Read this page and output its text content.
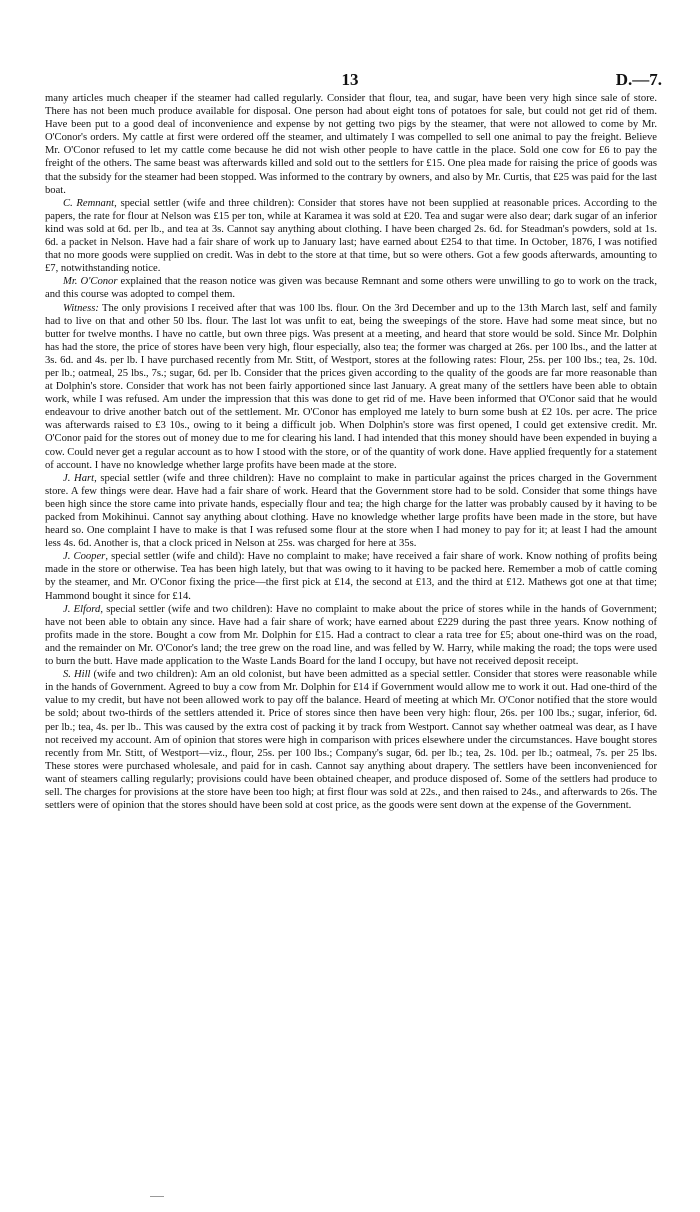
13	D.—7.

many articles much cheaper if the steamer had called regularly. Consider that flour, tea, and sugar, have been very high since sale of store. There has not been much produce available for disposal. One person had about eight tons of potatoes for sale, but could not get rid of them. Have been put to a good deal of inconvenience and expense by not getting two pigs by the steamer, that were not allowed to come by Mr. O'Conor's orders. My cattle at first were ordered off the steamer, and ultimately I was compelled to sell one animal to pay the freight. Believe Mr. O'Conor refused to let my cattle come because he did not wish other people to have cattle in the place. Sold one cow for £6 to pay the freight of the others. The same beast was afterwards killed and sold out to the settlers for £15. One plea made for raising the price of goods was that the subsidy for the steamer had been stopped. Was informed to the contrary by owners, and also by Mr. Curtis, that £25 was paid for the last boat.

C. Remnant, special settler (wife and three children): Consider that stores have not been supplied at reasonable prices. According to the papers, the rate for flour at Nelson was £15 per ton, while at Karamea it was sold at £20. Tea and sugar were also dear; dark sugar of an inferior kind was sold at 6d. per lb., and tea at 3s. Cannot say anything about clothing. I have been charged 2s. 6d. for Steadman's powders, sold at 1s. 6d. a packet in Nelson. Have had a fair share of work up to January last; have earned about £254 to that time. In October, 1876, I was notified that no more goods were supplied on credit. Was in debt to the store at that time, but so were others. Got a few goods afterwards, amounting to £7, notwithstanding notice.

Mr. O'Conor explained that the reason notice was given was because Remnant and some others were unwilling to go to work on the track, and this course was adopted to compel them.

Witness: The only provisions I received after that was 100 lbs. flour. On the 3rd December and up to the 13th March last, self and family had to live on that and other 50 lbs. flour. The last lot was unfit to eat, being the sweepings of the store. Have had some meat since, but no butter for twelve months. I have no cattle, but own three pigs. Was present at a meeting, and heard that store would be sold. Since Mr. Dolphin has had the store, the price of stores have been very high, flour especially, also tea; the former was charged at 26s. per 100 lbs., and the latter at 3s. 6d. and 4s. per lb. I have purchased recently from Mr. Stitt, of Westport, stores at the following rates: Flour, 25s. per 100 lbs.; tea, 2s. 10d. per lb.; oatmeal, 25 lbs., 7s.; sugar, 6d. per lb. Consider that the prices given according to the quality of the goods are far more reasonable than at Dolphin's store. Consider that work has not been fairly apportioned since last January. A great many of the settlers have been able to obtain work, while I was refused. Am under the impression that this was done to get rid of me. Have been informed that O'Conor said that he would endeavour to drive another batch out of the settlement. Mr. O'Conor has employed me lately to burn some bush at £2 10s. per acre. The price was afterwards raised to £3 10s., owing to it being a difficult job. When Dolphin's store was first opened, I could get extensive credit. Mr. O'Conor paid for the stores out of money due to me for clearing his land. I had intended that this money should have been expended in buying a cow. Could never get a regular account as to how I stood with the store, or of the quantity of work done. Have applied frequently for a statement of account. I have no knowledge whether large profits have been made at the store.

J. Hart, special settler (wife and three children): Have no complaint to make in particular against the prices charged in the Government store. A few things were dear. Have had a fair share of work. Heard that the Government store had to be sold. Consider that some things have been high since the store came into private hands, especially flour and tea; the high charge for the latter was probably caused by it having to be packed from Mokihinui. Cannot say anything about clothing. Have no knowledge whether large profits have been made in the store, but have heard so. One complaint I have to make is that I was refused some flour at the store when I had money to pay for it; at least I had the amount less 4s. 6d. Another is, that a clock priced in Nelson at 25s. was charged for here at 35s.

J. Cooper, special settler (wife and child): Have no complaint to make; have received a fair share of work. Know nothing of profits being made in the store or otherwise. Tea has been high lately, but that was owing to it having to be packed here. Remember a mob of cattle coming by the steamer, and Mr. O'Conor fixing the price—the first pick at £14, the second at £13, and the third at £12. Mathews got one at that time; Hammond bought it since for £14.

J. Elford, special settler (wife and two children): Have no complaint to make about the price of stores while in the hands of Government; have not been able to obtain any since. Have had a fair share of work; have earned about £229 during the past three years. Know nothing of profits made in the store. Bought a cow from Mr. Dolphin for £15. Had a contract to clear a rata tree for £5; about one-third was on the road, and the remainder on Mr. O'Conor's land; the tree grew on the road line, and was felled by W. Harry, while making the road; the tops were used to burn the butt. Have made application to the Waste Lands Board for the land I occupy, but have not received deposit receipt.

S. Hill (wife and two children): Am an old colonist, but have been admitted as a special settler. Consider that stores were reasonable while in the hands of Government. Agreed to buy a cow from Mr. Dolphin for £14 if Government would allow me to work it out. Had one-third of the value to my credit, but have not been allowed work to pay off the balance. Heard of meeting at which Mr. O'Conor notified that the store would be sold; about two-thirds of the settlers attended it. Price of stores since then have been very high: flour, 26s. per 100 lbs.; sugar, inferior, 6d. per lb.; tea, 4s. per lb.. This was caused by the extra cost of packing it by track from Westport. Cannot say whether oatmeal was dear, as I have not received my account. Am of opinion that stores were high in comparison with prices elsewhere under the circumstances. Have bought stores recently from Mr. Stitt, of Westport—viz., flour, 25s. per 100 lbs.; Company's sugar, 6d. per lb.; tea, 2s. 10d. per lb.; oatmeal, 7s. per 25 lbs. These stores were purchased wholesale, and paid for in cash. Cannot say anything about drapery. The settlers have been inconvenienced for want of steamers calling regularly; provisions could have been obtained cheaper, and produce disposed of. Some of the settlers had produce to sell. The charges for provisions at the store have been too high; at first flour was sold at 22s., and then raised to 24s., and afterwards to 26s. The settlers were of opinion that the stores should have been sold at cost price, as the goods were sent down at the expense of the Government.
